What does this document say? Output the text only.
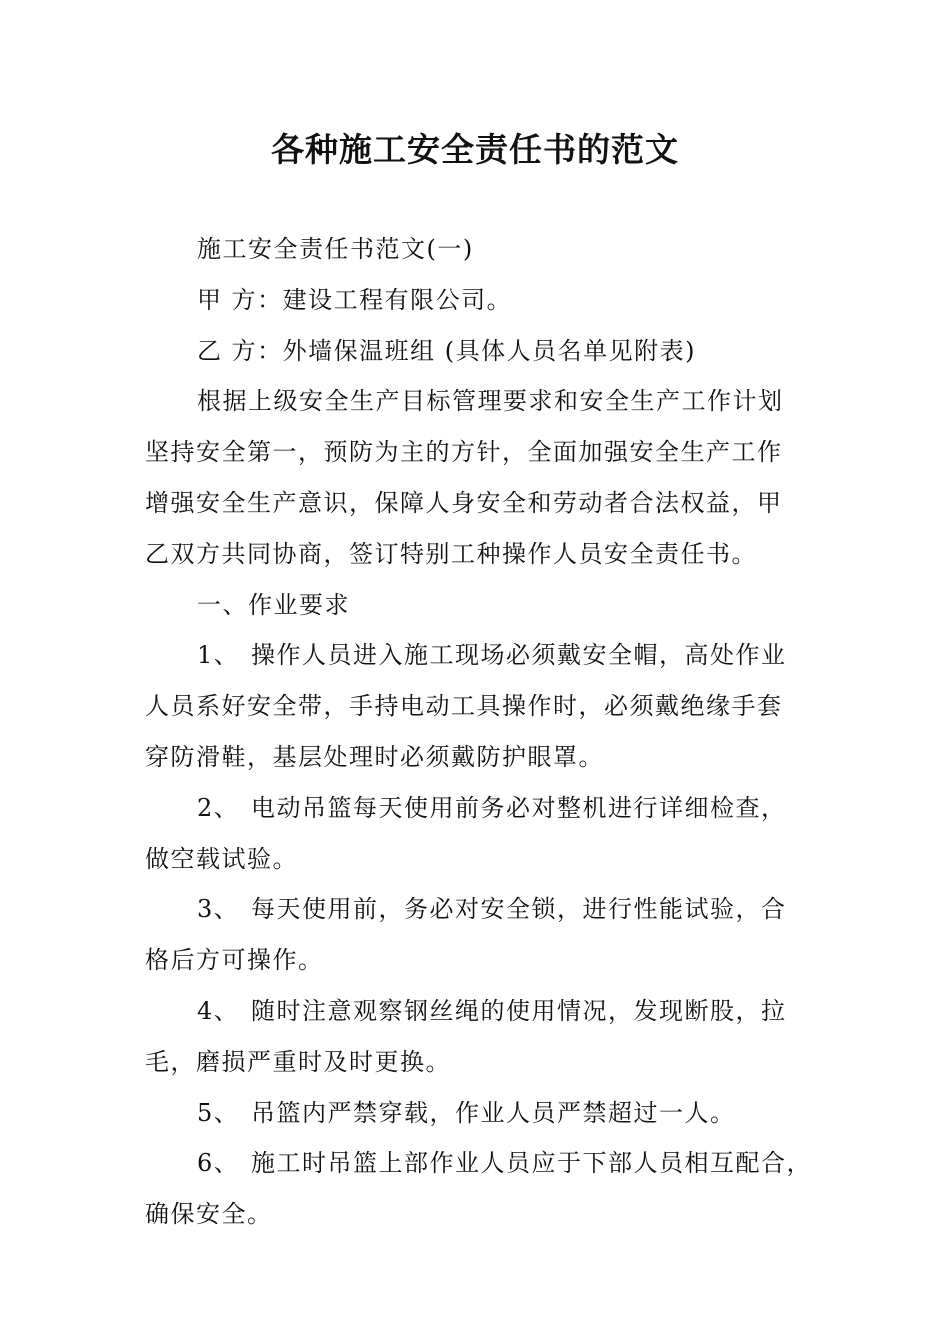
各种施工安全责任书的范文
施工安全责任书范文(一)
甲 方：建设工程有限公司。
乙 方：外墙保温班组 (具体人员名单见附表)
根据上级安全生产目标管理要求和安全生产工作计划
坚持安全第一，预防为主的方针，全面加强安全生产工作
增强安全生产意识，保障人身安全和劳动者合法权益，甲
乙双方共同协商，签订特别工种操作人员安全责任书。
一、作业要求
1、 操作人员进入施工现场必须戴安全帽，高处作业
人员系好安全带，手持电动工具操作时，必须戴绝缘手套
穿防滑鞋，基层处理时必须戴防护眼罩。
2、 电动吊篮每天使用前务必对整机进行详细检查，
做空载试验。
3、 每天使用前，务必对安全锁，进行性能试验，合
格后方可操作。
4、 随时注意观察钢丝绳的使用情况，发现断股，拉
毛，磨损严重时及时更换。
5、 吊篮内严禁穿载，作业人员严禁超过一人。
6、 施工时吊篮上部作业人员应于下部人员相互配合，
确保安全。
